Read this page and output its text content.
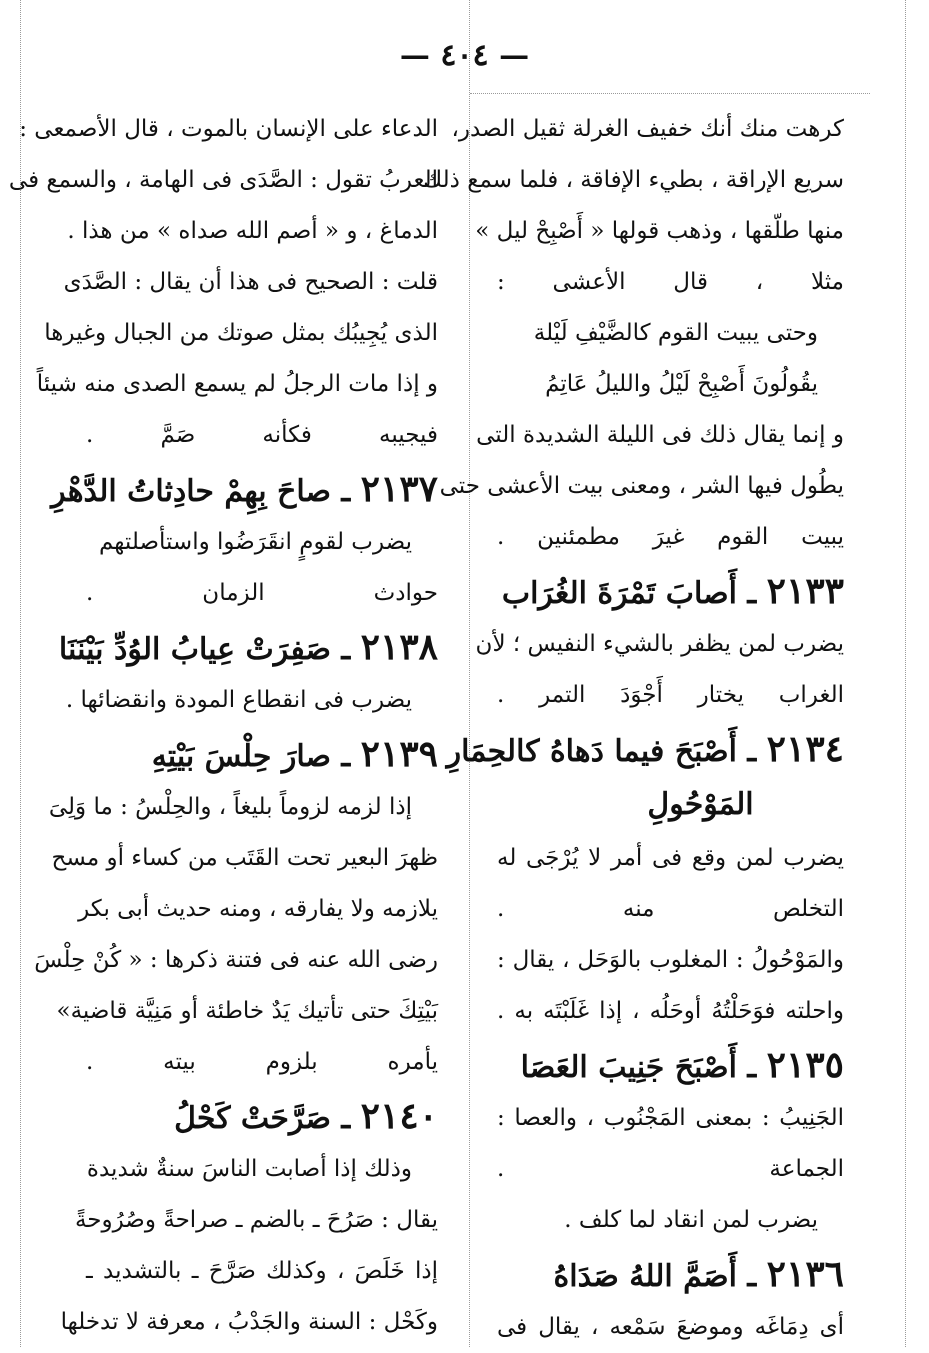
— ٤٠٤ —
كرهت منك أنك خفيف الغرلة ثقيل الصدر،
سريع الإراقة ، بطيء الإفاقة ، فلما سمع ذلك
منها طلّقها ، وذهب قولها « أَصْبِحْ ليل »
مثلا ، قال الأعشى :
وحتى يبيت القوم كالضَّيْفِ لَيْلة
يقُولُونَ أَصْبِحْ لَيْلُ والليلُ عَاتِمُ
و إنما يقال ذلك فى الليلة الشديدة التى
يطُول فيها الشر ، ومعنى بيت الأعشى حتى
يبيت القوم غيرَ مطمئنين .
٢١٣٣ ـ أَصابَ تَمْرَةَ الغُرَاب
يضرب لمن يظفر بالشيء النفيس ؛ لأن
الغراب يختار أَجْوَدَ التمر .
٢١٣٤ ـ أَصْبَحَ فيما دَهاهُ كالحِمَارِ
المَوْحُولِ
يضرب لمن وقع فى أمر لا يُرْجَى له
التخلص منه .
والمَوْحُولُ : المغلوب بالوَحَل ، يقال :
واحلته فوَحَلْتُهُ أوحَلُه ، إذا غَلَبْتَه به .
٢١٣٥ ـ أَصْبَحَ جَنِيبَ العَصَا
الجَنِيبُ : بمعنى المَجْنُوب ، والعصا :
الجماعة .
يضرب لمن انقاد لما كلف .
٢١٣٦ ـ أَصَمَّ اللهُ صَدَاهُ
أى دِمَاغَه وموضعَ سَمْعه ، يقال فى
الدعاء على الإنسان بالموت ، قال الأصمعى :
العربُ تقول : الصَّدَى فى الهامة ، والسمع فى
الدماغ ، و « أصم الله صداه » من هذا .
قلت : الصحيح فى هذا أن يقال : الصَّدَى
الذى يُجِيبُك بمثل صوتك من الجبال وغيرها
و إذا مات الرجلُ لم يسمع الصدى منه شيئاً
فيجيبه فكأنه صَمَّ .
٢١٣٧ ـ صاحَ بِهِمْ حادِثاتُ الدَّهْرِ
يضرب لقومٍ انقَرَضُوا واستأصلتهم
حوادث الزمان .
٢١٣٨ ـ صَفِرَتْ عِيابُ الوُدِّ بَيْنَنَا
يضرب فى انقطاع المودة وانقضائها .
٢١٣٩ ـ صارَ حِلْسَ بَيْتِهِ
إذا لزمه لزوماً بليغاً ، والحِلْسُ : ما وَلِىَ
ظهرَ البعير تحت القَتَب من كساء أو مسح
يلازمه ولا يفارقه ، ومنه حديث أبى بكر
رضى الله عنه فى فتنة ذكرها : « كُنْ حِلْسَ
بَيْتِكَ حتى تأتيك يَدٌ خاطئة أو مَنِيَّة قاضية»
يأمره بلزوم بيته .
٢١٤٠ ـ صَرَّحَتْ كَحْلُ
وذلك إذا أصابت الناسَ سنةٌ شديدة
يقال : صَرُحَ ـ بالضم ـ صراحةً وصُرُوحةً
إذا خَلَصَ ، وكذلك صَرَّحَ ـ بالتشديد ـ
وكَحْل : السنة والجَدْبُ ، معرفة لا تدخلها
